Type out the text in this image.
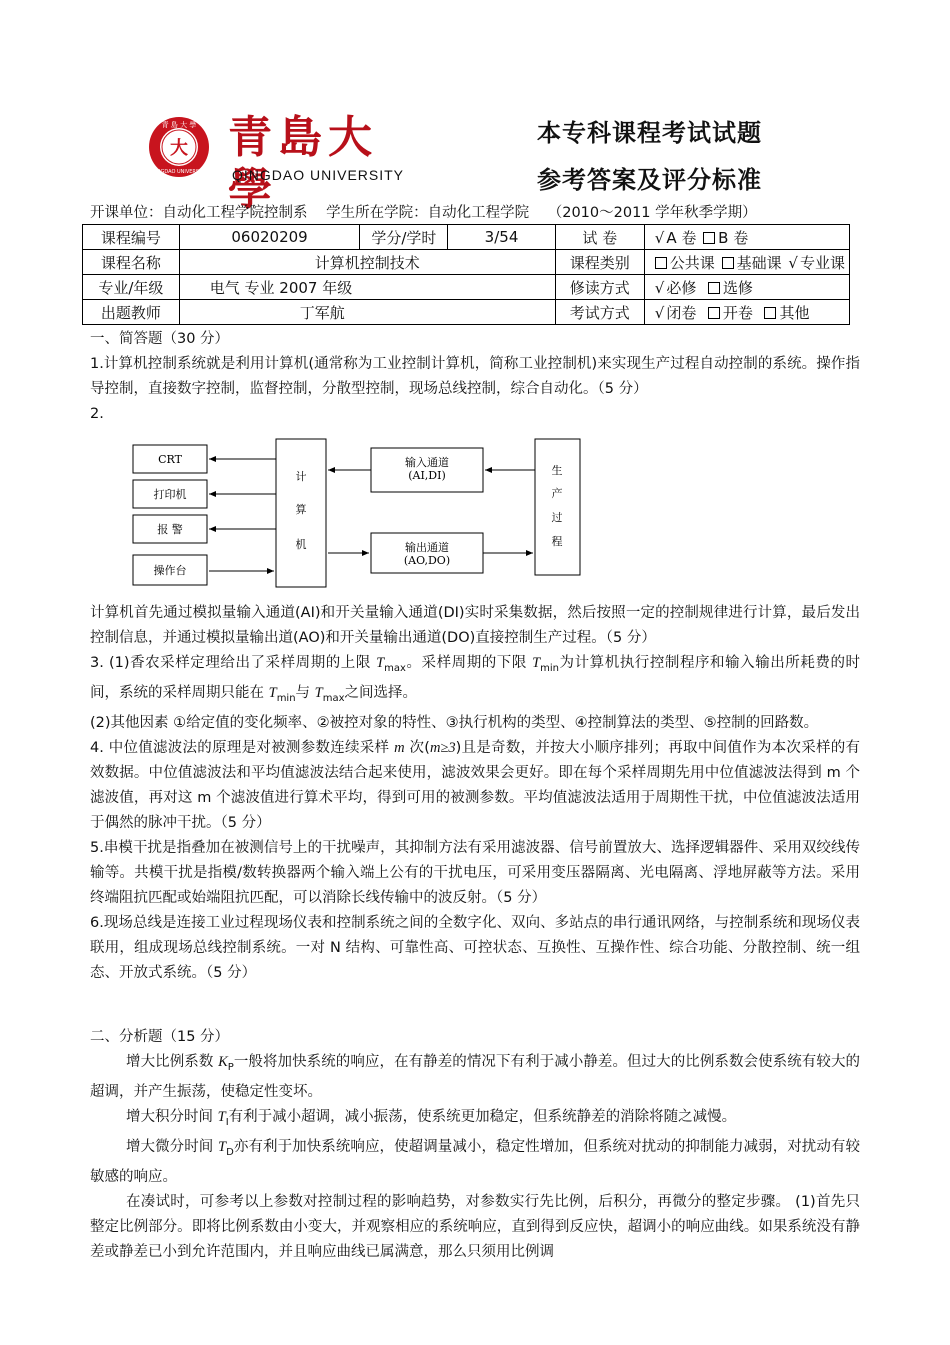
大
青 島 大 學
QINGDAO UNIVERSITY
青島大學
QINGDAO UNIVERSITY
本专科课程考试试题
参考答案及评分标准
开课单位：自动化工程学院控制系 学生所在学院：自动化工程学院 （2010～2011 学年秋季学期）
课程编号	06020209	学分/学时	3/54	试 卷	√ A 卷 B 卷
课程名称	计算机控制技术			课程类别	公共课 基础课 √ 专业课
专业/年级	电气 专业 2007 年级			修读方式	√ 必修 选修
出题教师	丁军航			考试方式	√ 闭卷 开卷 其他

一、简答题（30 分）

1.计算机控制系统就是利用计算机(通常称为工业控制计算机，简称工业控制机)来实现生产过程自动控制的系统。操作指导控制，直接数字控制，监督控制，分散型控制，现场总线控制，综合自动化。（5 分）

2.

CRT
打印机
报 警
操作台
计
算
机
输入通道
(AI,DI)
输出通道
(AO,DO)
生
产
过
程

计算机首先通过模拟量输入通道(AI)和开关量输入通道(DI)实时采集数据，然后按照一定的控制规律进行计算，最后发出控制信息，并通过模拟量输出道(AO)和开关量输出通道(DO)直接控制生产过程。（5 分）

3. (1)香农采样定理给出了采样周期的上限 $T_{max}$。采样周期的下限 $T_{min}$为计算机执行控制程序和输入输出所耗费的时间，系统的采样周期只能在 $T_{min}$与 $T_{max}$之间选择。

(2)其他因素 ①给定值的变化频率、②被控对象的特性、③执行机构的类型、④控制算法的类型、⑤控制的回路数。

4. 中位值滤波法的原理是对被测参数连续采样 m 次(m≥3)且是奇数，并按大小顺序排列；再取中间值作为本次采样的有效数据。中位值滤波法和平均值滤波法结合起来使用，滤波效果会更好。即在每个采样周期先用中位值滤波法得到 m 个滤波值，再对这 m 个滤波值进行算术平均，得到可用的被测参数。平均值滤波法适用于周期性干扰，中位值滤波法适用于偶然的脉冲干扰。（5 分）

5.串模干扰是指叠加在被测信号上的干扰噪声，其抑制方法有采用滤波器、信号前置放大、选择逻辑器件、采用双绞线传输等。共模干扰是指模/数转换器两个输入端上公有的干扰电压，可采用变压器隔离、光电隔离、浮地屏蔽等方法。采用终端阻抗匹配或始端阻抗匹配，可以消除长线传输中的波反射。（5 分）

6.现场总线是连接工业过程现场仪表和控制系统之间的全数字化、双向、多站点的串行通讯网络，与控制系统和现场仪表联用，组成现场总线控制系统。一对 N 结构、可靠性高、可控状态、互换性、互操作性、综合功能、分散控制、统一组态、开放式系统。（5 分）

二、分析题（15 分）

增大比例系数 $K_P$一般将加快系统的响应，在有静差的情况下有利于减小静差。但过大的比例系数会使系统有较大的超调，并产生振荡，使稳定性变坏。

增大积分时间 $T_I$有利于减小超调，减小振荡，使系统更加稳定，但系统静差的消除将随之减慢。

增大微分时间 $T_D$亦有利于加快系统响应，使超调量减小，稳定性增加，但系统对扰动的抑制能力减弱，对扰动有较敏感的响应。

在凑试时，可参考以上参数对控制过程的影响趋势，对参数实行先比例，后积分，再微分的整定步骤。 (1)首先只整定比例部分。即将比例系数由小变大，并观察相应的系统响应，直到得到反应快，超调小的响应曲线。如果系统没有静差或静差已小到允许范围内，并且响应曲线已属满意，那么只须用比例调
